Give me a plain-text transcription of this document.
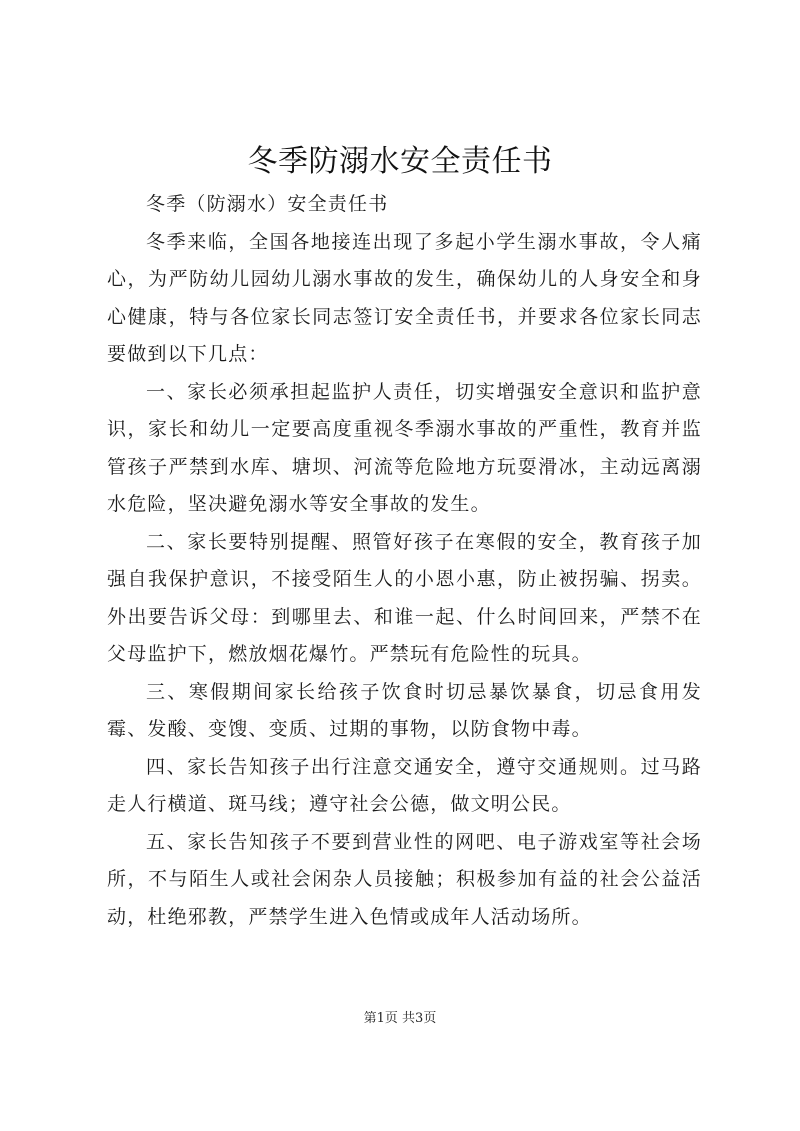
冬季防溺水安全责任书

冬季（防溺水）安全责任书

冬季来临，全国各地接连出现了多起小学生溺水事故，令人痛心，为严防幼儿园幼儿溺水事故的发生，确保幼儿的人身安全和身心健康，特与各位家长同志签订安全责任书，并要求各位家长同志要做到以下几点：

一、家长必须承担起监护人责任，切实增强安全意识和监护意识，家长和幼儿一定要高度重视冬季溺水事故的严重性，教育并监管孩子严禁到水库、塘坝、河流等危险地方玩耍滑冰，主动远离溺水危险，坚决避免溺水等安全事故的发生。

二、家长要特别提醒、照管好孩子在寒假的安全，教育孩子加强自我保护意识，不接受陌生人的小恩小惠，防止被拐骗、拐卖。外出要告诉父母：到哪里去、和谁一起、什么时间回来，严禁不在父母监护下，燃放烟花爆竹。严禁玩有危险性的玩具。

三、寒假期间家长给孩子饮食时切忌暴饮暴食，切忌食用发霉、发酸、变馊、变质、过期的事物，以防食物中毒。

四、家长告知孩子出行注意交通安全，遵守交通规则。过马路走人行横道、斑马线；遵守社会公德，做文明公民。

五、家长告知孩子不要到营业性的网吧、电子游戏室等社会场所，不与陌生人或社会闲杂人员接触；积极参加有益的社会公益活动，杜绝邪教，严禁学生进入色情或成年人活动场所。

第1页 共3页
